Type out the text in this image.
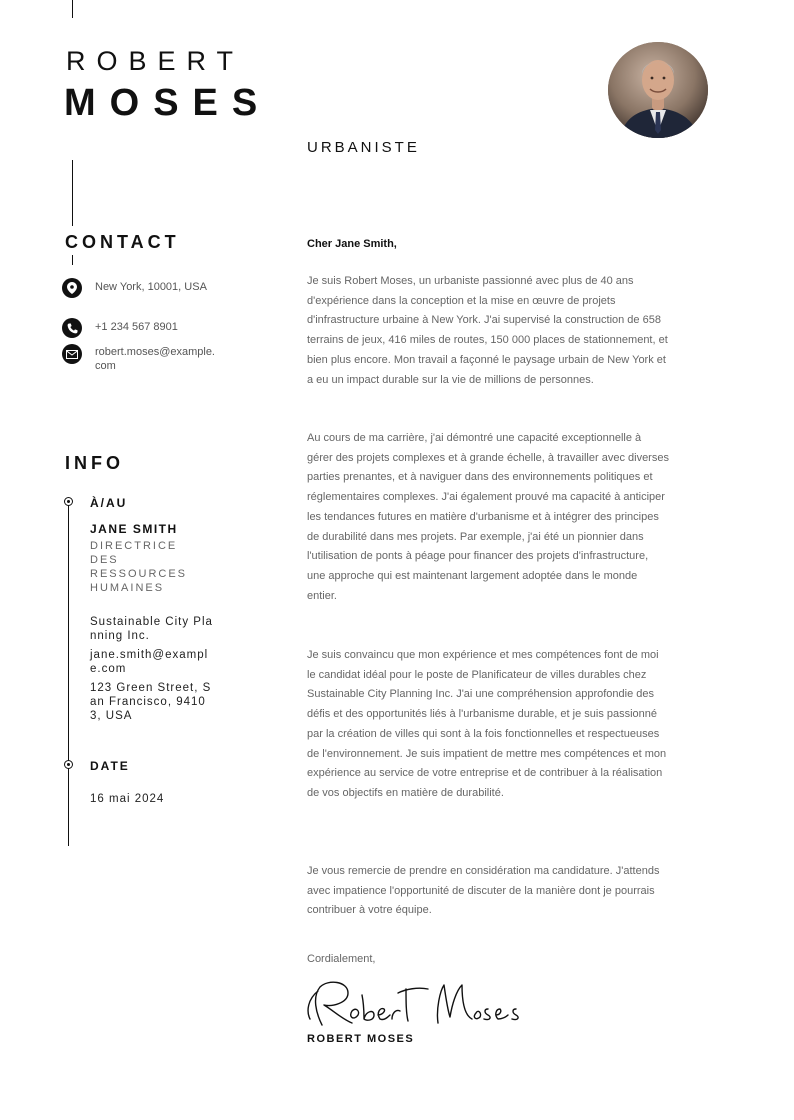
ROBERT
MOSES
URBANISTE
CONTACT
New York, 10001, USA
+1 234 567 8901
robert.moses@example.com
INFO
À/AU
JANE SMITH
DIRECTRICE DES RESSOURCES HUMAINES
Sustainable City Planning Inc.
jane.smith@example.com
123 Green Street, San Francisco, 94103, USA
DATE
16 mai 2024
Cher Jane Smith,
Je suis Robert Moses, un urbaniste passionné avec plus de 40 ans d'expérience dans la conception et la mise en œuvre de projets d'infrastructure urbaine à New York. J'ai supervisé la construction de 658 terrains de jeux, 416 miles de routes, 150 000 places de stationnement, et bien plus encore. Mon travail a façonné le paysage urbain de New York et a eu un impact durable sur la vie de millions de personnes.
Au cours de ma carrière, j'ai démontré une capacité exceptionnelle à gérer des projets complexes et à grande échelle, à travailler avec diverses parties prenantes, et à naviguer dans des environnements politiques et réglementaires complexes. J'ai également prouvé ma capacité à anticiper les tendances futures en matière d'urbanisme et à intégrer des principes de durabilité dans mes projets. Par exemple, j'ai été un pionnier dans l'utilisation de ponts à péage pour financer des projets d'infrastructure, une approche qui est maintenant largement adoptée dans le monde entier.
Je suis convaincu que mon expérience et mes compétences font de moi le candidat idéal pour le poste de Planificateur de villes durables chez Sustainable City Planning Inc. J'ai une compréhension approfondie des défis et des opportunités liés à l'urbanisme durable, et je suis passionné par la création de villes qui sont à la fois fonctionnelles et respectueuses de l'environnement. Je suis impatient de mettre mes compétences et mon expérience au service de votre entreprise et de contribuer à la réalisation de vos objectifs en matière de durabilité.
Je vous remercie de prendre en considération ma candidature. J'attends avec impatience l'opportunité de discuter de la manière dont je pourrais contribuer à votre équipe.
Cordialement,
ROBERT MOSES
